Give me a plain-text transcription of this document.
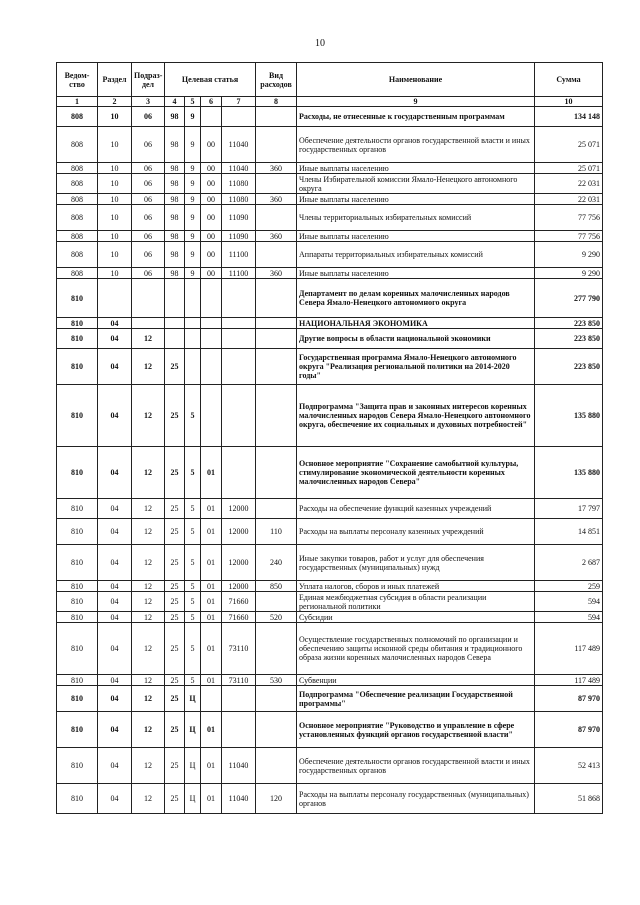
10
Ведом-ство	Раздел	Подраз-дел	Целевая статья				Вид расходов	Наименование	Сумма
1	2	3	4	5	6	7	8	9	10
808	10	06	98	9				Расходы, не отнесенные к государственным программам	134 148
808	10	06	98	9	00	11040		Обеспечение деятельности органов государственной власти и иных государственных органов	25 071
808	10	06	98	9	00	11040	360	Иные выплаты населению	25 071
808	10	06	98	9	00	11080		Члены Избирательной комиссии Ямало-Ненецкого автономного округа	22 031
808	10	06	98	9	00	11080	360	Иные выплаты населению	22 031
808	10	06	98	9	00	11090		Члены территориальных избирательных комиссий	77 756
808	10	06	98	9	00	11090	360	Иные выплаты населению	77 756
808	10	06	98	9	00	11100		Аппараты территориальных избирательных комиссий	9 290
808	10	06	98	9	00	11100	360	Иные выплаты населению	9 290
810								Департамент по делам коренных малочисленных народов Севера Ямало-Ненецкого автономного округа	277 790
810	04							НАЦИОНАЛЬНАЯ ЭКОНОМИКА	223 850
810	04	12						Другие вопросы в области национальной экономики	223 850
810	04	12	25					Государственная программа Ямало-Ненецкого автономного округа "Реализация региональной политики на 2014-2020 годы"	223 850
810	04	12	25	5				Подпрограмма "Защита прав и законных интересов коренных малочисленных народов Севера Ямало-Ненецкого автономного округа, обеспечение их социальных и духовных потребностей"	135 880
810	04	12	25	5	01			Основное мероприятие "Сохранение самобытной культуры, стимулирование экономической деятельности коренных малочисленных народов Севера"	135 880
810	04	12	25	5	01	12000		Расходы на обеспечение функций казенных учреждений	17 797
810	04	12	25	5	01	12000	110	Расходы на выплаты персоналу казенных учреждений	14 851
810	04	12	25	5	01	12000	240	Иные закупки товаров, работ и услуг для обеспечения государственных (муниципальных) нужд	2 687
810	04	12	25	5	01	12000	850	Уплата налогов, сборов и иных платежей	259
810	04	12	25	5	01	71660		Единая межбюджетная субсидия в области реализации региональной политики	594
810	04	12	25	5	01	71660	520	Субсидии	594
810	04	12	25	5	01	73110		Осуществление государственных полномочий по организации и обеспечению защиты исконной среды обитания и традиционного образа жизни коренных малочисленных народов Севера	117 489
810	04	12	25	5	01	73110	530	Субвенции	117 489
810	04	12	25	Ц				Подпрограмма "Обеспечение реализации Государственной программы"	87 970
810	04	12	25	Ц	01			Основное мероприятие "Руководство и управление в сфере установленных функций органов государственной власти"	87 970
810	04	12	25	Ц	01	11040		Обеспечение деятельности органов государственной власти и иных государственных органов	52 413
810	04	12	25	Ц	01	11040	120	Расходы на выплаты персоналу государственных (муниципальных) органов	51 868
